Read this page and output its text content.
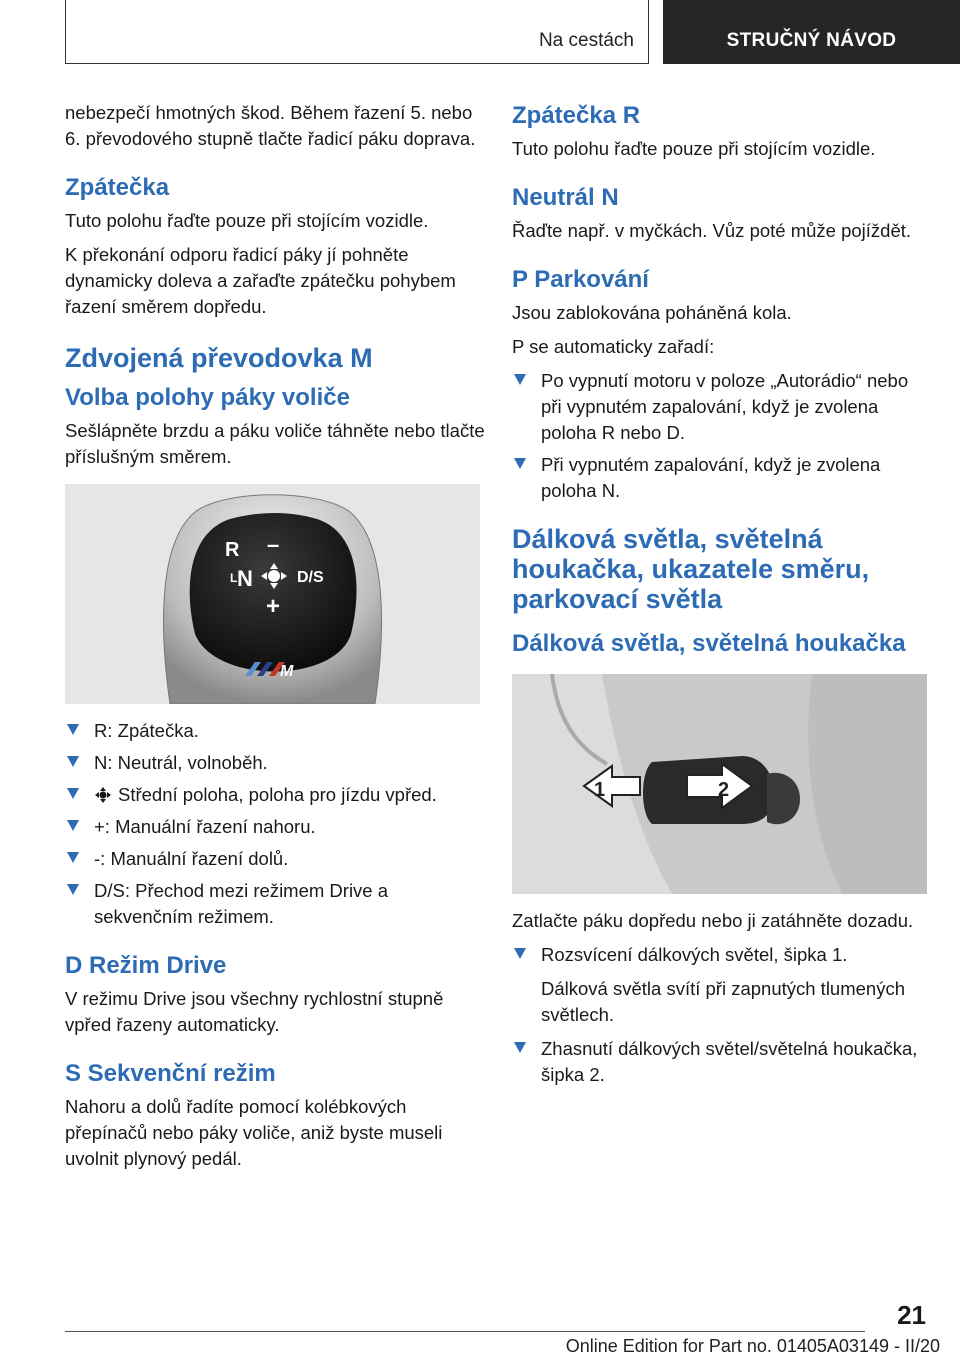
Na cestách	STRUČNÝ NÁVOD

nebezpečí hmotných škod. Během řazení 5. nebo 6. převodového stupně tlačte řadicí páku doprava.

Zpátečka

Tuto polohu řaďte pouze při stojícím vozidle.

K překonání odporu řadicí páky jí pohněte dynamicky doleva a zařaďte zpátečku pohybem řazení směrem dopředu.

Zdvojená převodovka M
Volba polohy páky voliče

Sešlápněte brzdu a páku voliče táhněte nebo tlačte příslušným směrem.

R –
L N	D/S
+
M
R: Zpátečka.
N: Neutrál, volnoběh.
Střední poloha, poloha pro jízdu vpřed.
+: Manuální řazení nahoru.
-: Manuální řazení dolů.
D/S: Přechod mezi režimem Drive a sekvenčním režimem.
D Režim Drive

V režimu Drive jsou všechny rychlostní stupně vpřed řazeny automaticky.

S Sekvenční režim

Nahoru a dolů řadíte pomocí kolébkových přepínačů nebo páky voliče, aniž byste museli uvolnit plynový pedál.

Zpátečka R

Tuto polohu řaďte pouze při stojícím vozidle.

Neutrál N

Řaďte např. v myčkách. Vůz poté může pojíždět.

P Parkování

Jsou zablokována poháněná kola.

P se automaticky zařadí:

Po vypnutí motoru v poloze „Autorádio“ nebo při vypnutém zapalování, když je zvolena poloha R nebo D.
Při vypnutém zapalování, když je zvolena poloha N.
Dálková světla, světelná houkačka, ukazatele směru, parkovací světla
Dálková světla, světelná houkačka
1	2

Zatlačte páku dopředu nebo ji zatáhněte dozadu.

Rozsvícení dálkových světel, šipka 1.

Dálková světla svítí při zapnutých tlumených světlech.

Zhasnutí dálkových světel/světelná houkačka, šipka 2.
21
Online Edition for Part no. 01405A03149 - II/20
